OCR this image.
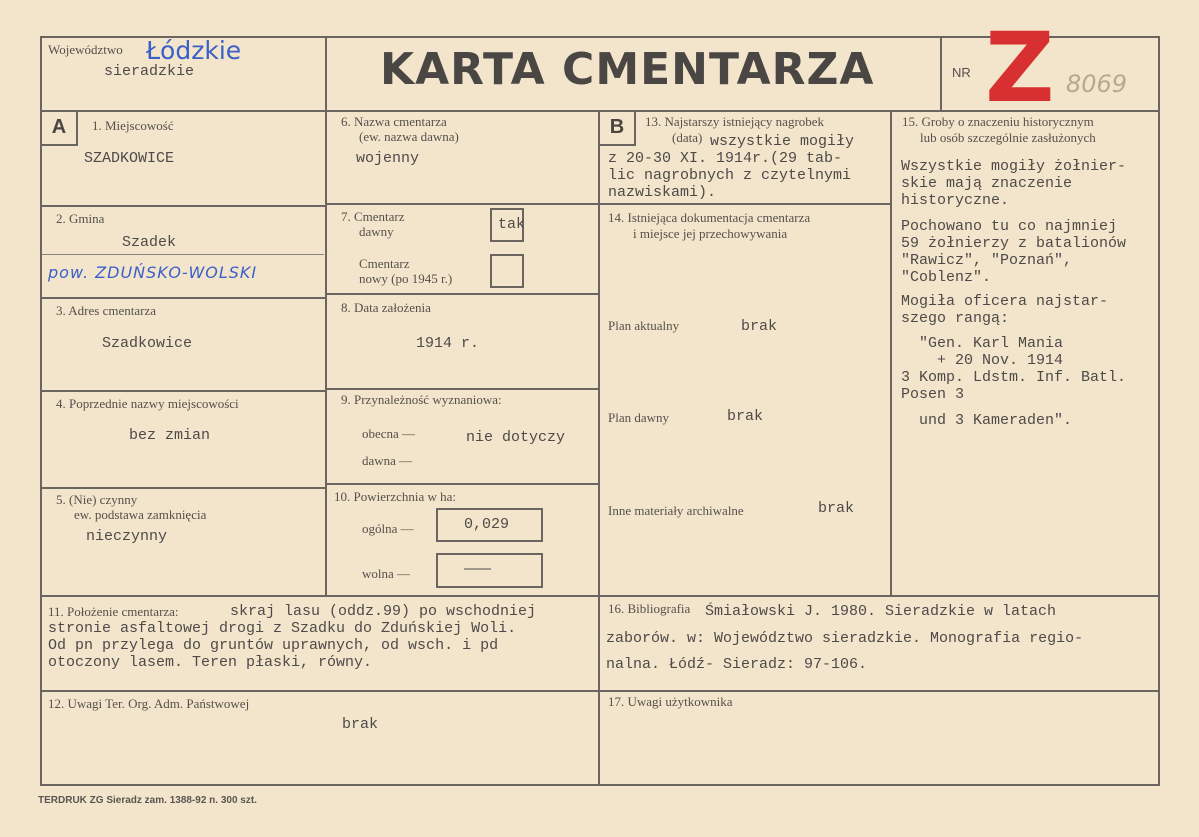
Województwo Łódzkie
sieradzkie	KARTA CMENTARZA	NR Z 8069
A	1. Miejscowość
SZADKOWICE
2. Gmina
Szadek
pow. ZDUŃSKO-WOLSKI
3. Adres cmentarza
Szadkowice
4. Poprzednie nazwy miejscowości
bez zmian
5. (Nie) czynny
ew. podstawa zamknięcia
nieczynny
6. Nazwa cmentarza
(ew. nazwa dawna)
wojenny
7. Cmentarz
dawny	tak
Cmentarz
nowy (po 1945 r.)
8. Data założenia
1914 r.
9. Przynależność wyznaniowa:
obecna —	nie dotyczy
dawna —
10. Powierzchnia w ha:
ogólna —	0,029
wolna —	———
B	13. Najstarszy istniejący nagrobek
(data) wszystkie mogiły
z 20-30 XI. 1914r.(29 tab-
lic nagrobnych z czytelnymi
nazwiskami).
14. Istniejąca dokumentacja cmentarza
i miejsce jej przechowywania
Plan aktualny	brak
Plan dawny	brak
Inne materiały archiwalne	brak
15. Groby o znaczeniu historycznym
lub osób szczególnie zasłużonych
Wszystkie mogiły żołnier-
skie mają znaczenie
historyczne.
Pochowano tu co najmniej
59 żołnierzy z batalionów
"Rawicz", "Poznań",
"Coblenz".
Mogiła oficera najstar-
szego rangą:
"Gen. Karl Mania
+ 20 Nov. 1914
3 Komp. Ldstm. Inf. Batl.
Posen 3
und 3 Kameraden".
11. Położenie cmentarza:	skraj lasu (oddz.99) po wschodniej
stronie asfaltowej drogi z Szadku do Zduńskiej Woli.
Od pn przylega do gruntów uprawnych, od wsch. i pd
otoczony lasem. Teren płaski, równy.
16. Bibliografia Śmiałowski J. 1980. Sieradzkie w latach
zaborów. w: Województwo sieradzkie. Monografia regio-
nalna. Łódź- Sieradz: 97-106.
12. Uwagi Ter. Org. Adm. Państwowej
brak
17. Uwagi użytkownika
TERDRUK ZG Sieradz zam. 1388-92 n. 300 szt.
